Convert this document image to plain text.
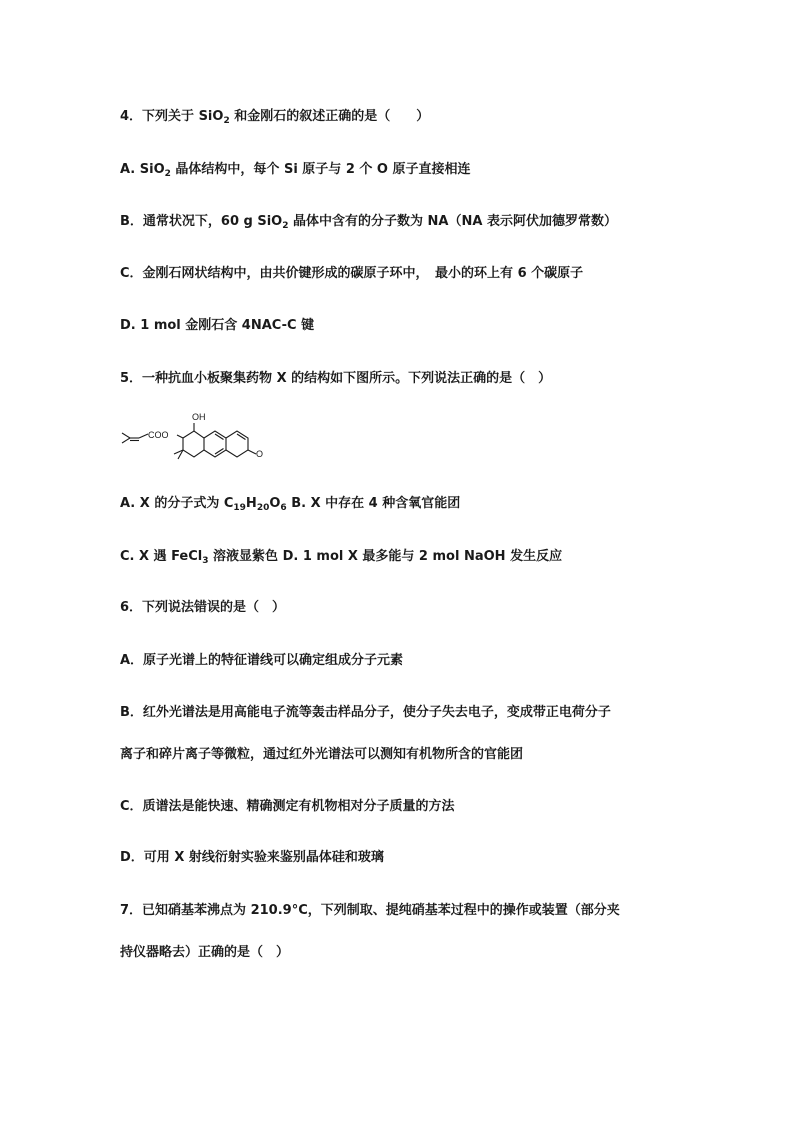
4．下列关于 SiO$_2$ 和金刚石的叙述正确的是（　　）
A. SiO$_2$ 晶体结构中，每个 Si 原子与 2 个 O 原子直接相连
B．通常状况下，60 g SiO$_2$ 晶体中含有的分子数为 NA（NA 表示阿伏加德罗常数）
C．金刚石网状结构中，由共价键形成的碳原子环中，　最小的环上有 6 个碳原子
D. 1 mol 金刚石含 4NAC-C 键
5．一种抗血小板聚集药物 X 的结构如下图所示。下列说法正确的是（　）
OH
COO
O
A. X 的分子式为 $C_{19}H_{20}O_6$ B. X 中存在 4 种含氧官能团
C. X 遇 FeCl$_3$ 溶液显紫色 D. 1 mol X 最多能与 2 mol NaOH 发生反应
6．下列说法错误的是（　）
A．原子光谱上的特征谱线可以确定组成分子元素
B．红外光谱法是用高能电子流等轰击样品分子，使分子失去电子，变成带正电荷分子
离子和碎片离子等微粒，通过红外光谱法可以测知有机物所含的官能团
C．质谱法是能快速、精确测定有机物相对分子质量的方法
D．可用 X 射线衍射实验来鉴别晶体硅和玻璃
7．已知硝基苯沸点为 210.9°C，下列制取、提纯硝基苯过程中的操作或装置（部分夹
持仪器略去）正确的是（　）
